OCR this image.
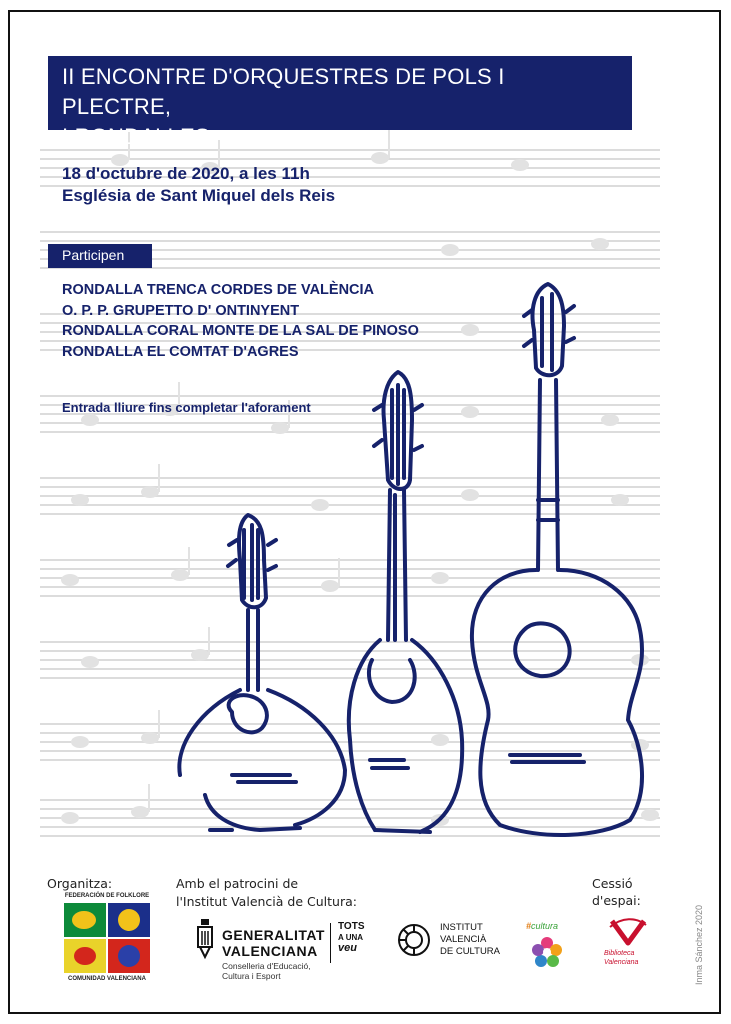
II ENCONTRE D'ORQUESTRES DE POLS I PLECTRE,
I RONDALLES
18 d'octubre de 2020, a les 11h
Església de Sant Miquel dels Reis
Participen
RONDALLA TRENCA CORDES DE VALÈNCIA
O. P. P. GRUPETTO D' ONTINYENT
RONDALLA CORAL MONTE DE LA SAL DE PINOSO
RONDALLA EL COMTAT D'AGRES
Entrada lliure fins completar l'aforament
Organitza:	Amb el patrocini de
l'Institut Valencià de Cultura:
Cessió
d'espai:
FEDERACIÓN DE FOLKLORE
COMUNIDAD VALENCIANA
GENERALITAT
VALENCIANA
Conselleria d'Educació,
Cultura i Esport
TOTS
A UNA
veu
INSTITUT
VALENCIÀ
DE CULTURA
#cultura
Biblioteca
Valenciana	Inma Sánchez 2020
